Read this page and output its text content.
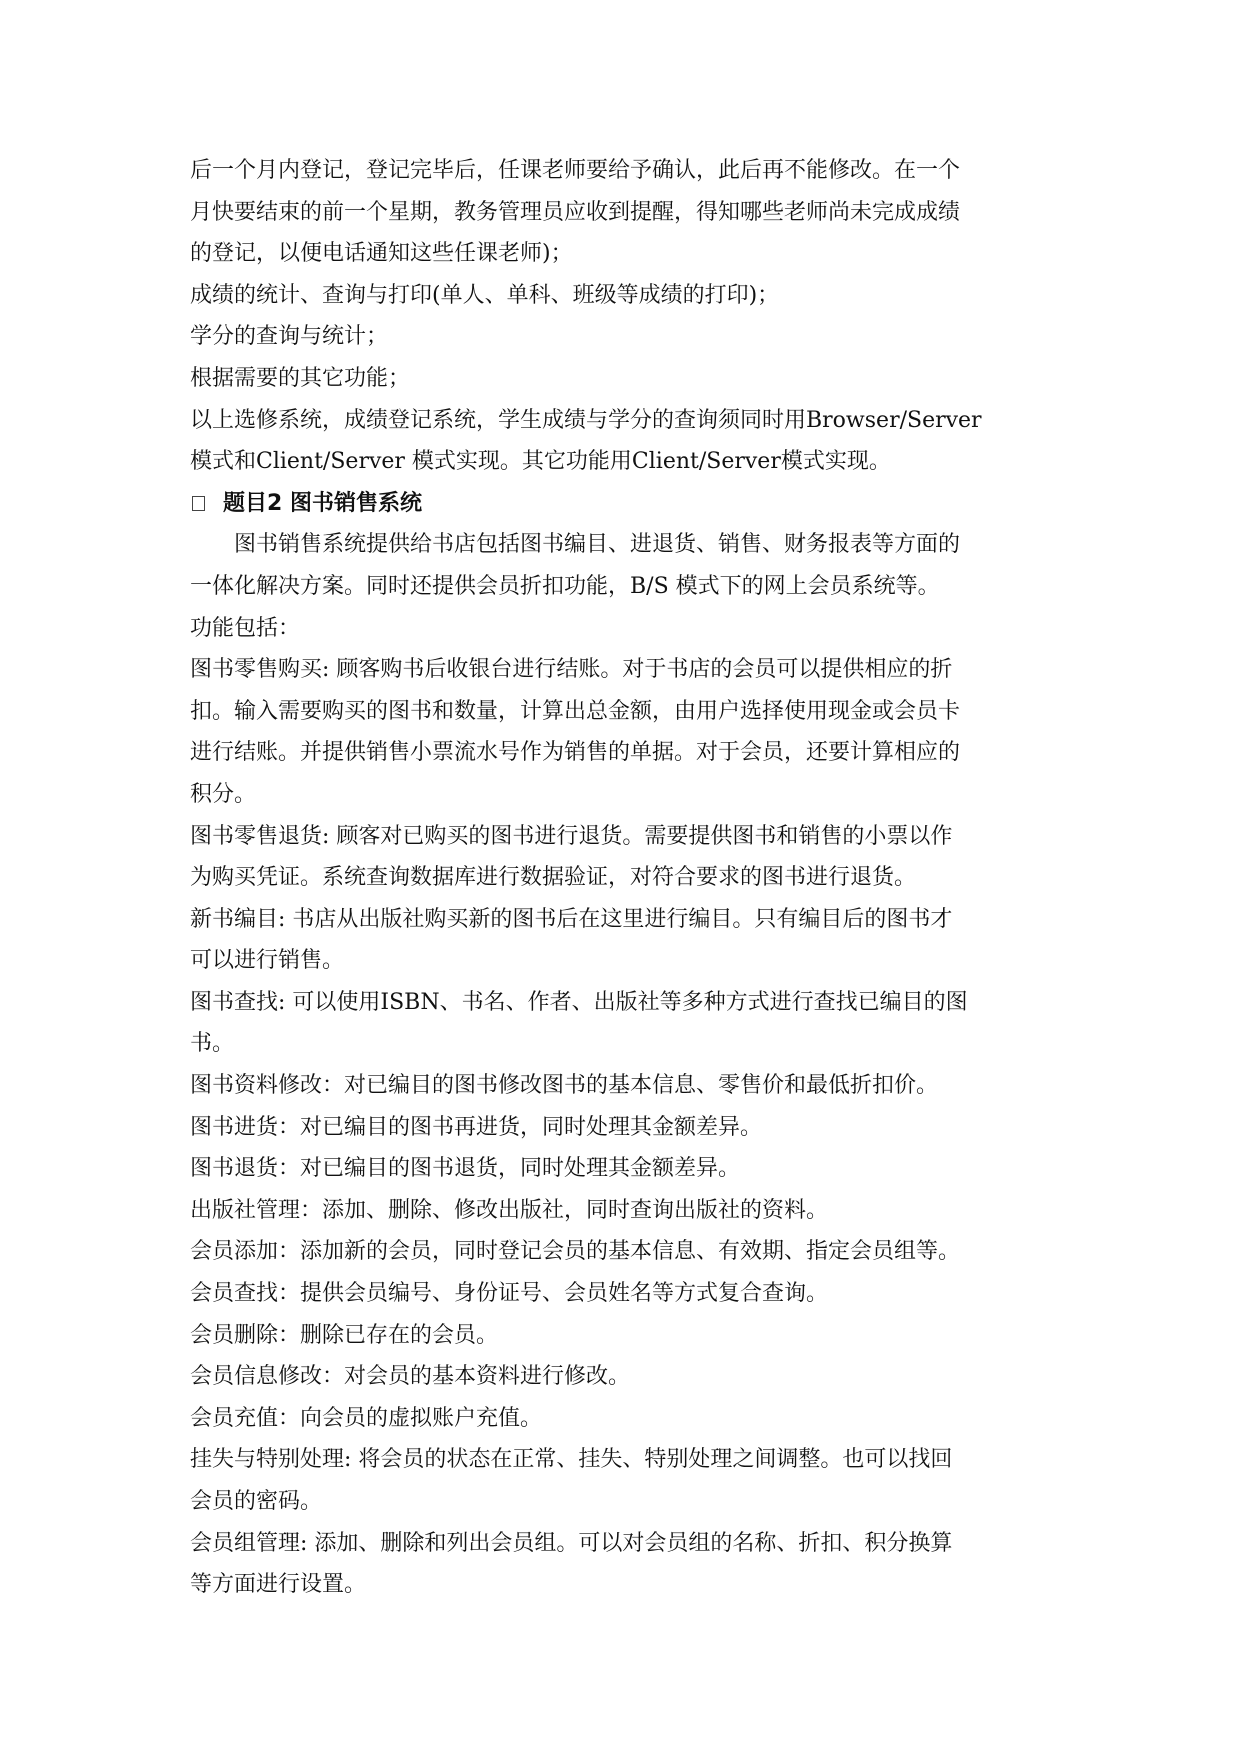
后一个月内登记，登记完毕后，任课老师要给予确认，此后再不能修改。在一个
月快要结束的前一个星期，教务管理员应收到提醒，得知哪些老师尚未完成成绩
的登记，以便电话通知这些任课老师)；
成绩的统计、查询与打印(单人、单科、班级等成绩的打印)；
学分的查询与统计；
根据需要的其它功能；
以上选修系统，成绩登记系统，学生成绩与学分的查询须同时用Browser/Server
模式和Client/Server 模式实现。其它功能用Client/Server模式实现。
题目2 图书销售系统
图书销售系统提供给书店包括图书编目、进退货、销售、财务报表等方面的
一体化解决方案。同时还提供会员折扣功能，B/S 模式下的网上会员系统等。
功能包括：
图书零售购买: 顾客购书后收银台进行结账。对于书店的会员可以提供相应的折
扣。输入需要购买的图书和数量，计算出总金额，由用户选择使用现金或会员卡
进行结账。并提供销售小票流水号作为销售的单据。对于会员，还要计算相应的
积分。
图书零售退货: 顾客对已购买的图书进行退货。需要提供图书和销售的小票以作
为购买凭证。系统查询数据库进行数据验证，对符合要求的图书进行退货。
新书编目: 书店从出版社购买新的图书后在这里进行编目。只有编目后的图书才
可以进行销售。
图书查找: 可以使用ISBN、书名、作者、出版社等多种方式进行查找已编目的图
书。
图书资料修改：对已编目的图书修改图书的基本信息、零售价和最低折扣价。
图书进货：对已编目的图书再进货，同时处理其金额差异。
图书退货：对已编目的图书退货，同时处理其金额差异。
出版社管理：添加、删除、修改出版社，同时查询出版社的资料。
会员添加：添加新的会员，同时登记会员的基本信息、有效期、指定会员组等。
会员查找：提供会员编号、身份证号、会员姓名等方式复合查询。
会员删除：删除已存在的会员。
会员信息修改：对会员的基本资料进行修改。
会员充值：向会员的虚拟账户充值。
挂失与特别处理: 将会员的状态在正常、挂失、特别处理之间调整。也可以找回
会员的密码。
会员组管理: 添加、删除和列出会员组。可以对会员组的名称、折扣、积分换算
等方面进行设置。
